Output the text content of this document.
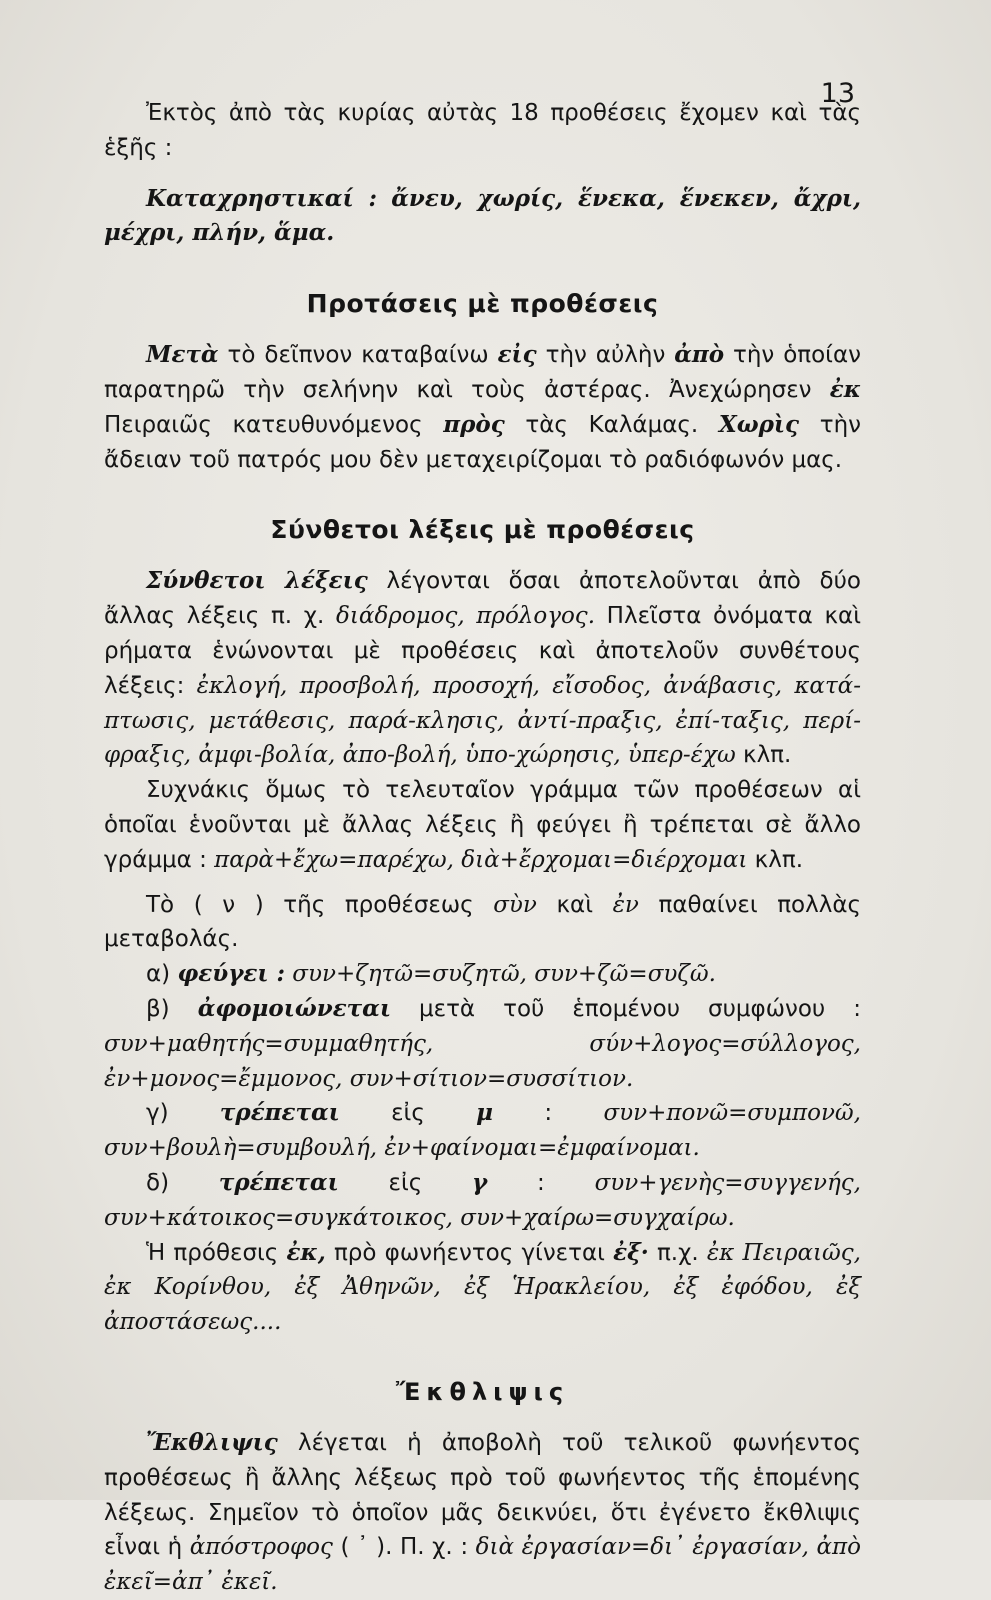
13

Ἐκτὸς ἀπὸ τὰς κυρίας αὐτὰς 18 προθέσεις ἔχομεν καὶ τὰς ἑξῆς :

Καταχρηστικαί : ἄνευ, χωρίς, ἕνεκα, ἕνεκεν, ἄχρι, μέχρι, πλήν, ἅμα.

Προτάσεις μὲ προθέσεις

Μετὰ τὸ δεῖπνον καταβαίνω εἰς τὴν αὐλὴν ἀπὸ τὴν ὁποίαν παρατηρῶ τὴν σελήνην καὶ τοὺς ἀστέρας. Ἀνεχώρησεν ἐκ Πειραιῶς κατευθυνόμενος πρὸς τὰς Καλάμας. Χωρὶς τὴν ἄδειαν τοῦ πατρός μου δὲν μεταχειρίζομαι τὸ ραδιόφωνόν μας.

Σύνθετοι λέξεις μὲ προθέσεις

Σύνθετοι λέξεις λέγονται ὅσαι ἀποτελοῦνται ἀπὸ δύο ἄλλας λέξεις π. χ. διάδρομος, πρόλογος. Πλεῖστα ὀνόματα καὶ ρήματα ἑνώνονται μὲ προθέσεις καὶ ἀποτελοῦν συνθέτους λέξεις: ἐκλογή, προσβολή, προσοχή, εἴσοδος, ἀνάβασις, κατά-πτωσις, μετάθεσις, παρά-κλησις, ἀντί-πραξις, ἐπί-ταξις, περί-φραξις, ἀμφι-βολία, ἀπο-βολή, ὑπο-χώρησις, ὑπερ-έχω κλπ.

Συχνάκις ὅμως τὸ τελευταῖον γράμμα τῶν προθέσεων αἱ ὁποῖαι ἑνοῦνται μὲ ἄλλας λέξεις ἢ φεύγει ἢ τρέπεται σὲ ἄλλο γράμμα : παρὰ+ἔχω=παρέχω, διὰ+ἔρχομαι=διέρχομαι κλπ.

Τὸ ( ν ) τῆς προθέσεως σὺν καὶ ἐν παθαίνει πολλὰς μεταβολάς.

α) φεύγει : συν+ζητῶ=συζητῶ, συν+ζῶ=συζῶ.

β) ἀφομοιώνεται μετὰ τοῦ ἑπομένου συμφώνου : συν+μαθητής=συμμαθητής, σύν+λογος=σύλλογος, ἐν+μονος=ἔμμονος, συν+σίτιον=συσσίτιον.

γ) τρέπεται εἰς μ : συν+πονῶ=συμπονῶ, συν+βουλὴ=συμβουλή, ἐν+φαίνομαι=ἐμφαίνομαι.

δ) τρέπεται εἰς γ : συν+γενὴς=συγγενής, συν+κάτοικος=συγκάτοικος, συν+χαίρω=συγχαίρω.

Ἡ πρόθεσις ἐκ, πρὸ φωνήεντος γίνεται ἐξ· π.χ. ἐκ Πειραιῶς, ἐκ Κορίνθου, ἐξ Ἀθηνῶν, ἐξ Ἡρακλείου, ἐξ ἐφόδου, ἐξ ἀποστάσεως....

Ἔκθλιψις

Ἔκθλιψις λέγεται ἡ ἀποβολὴ τοῦ τελικοῦ φωνήεντος προθέσεως ἢ ἄλλης λέξεως πρὸ τοῦ φωνήεντος τῆς ἑπομένης λέξεως. Σημεῖον τὸ ὁποῖον μᾶς δεικνύει, ὅτι ἐγένετο ἔκθλιψις εἶναι ἡ ἀπόστροφος ( ᾿ ). Π. χ. : διὰ ἐργασίαν=δι᾿ ἐργασίαν, ἀπὸ ἐκεῖ=ἀπ᾿ ἐκεῖ.
